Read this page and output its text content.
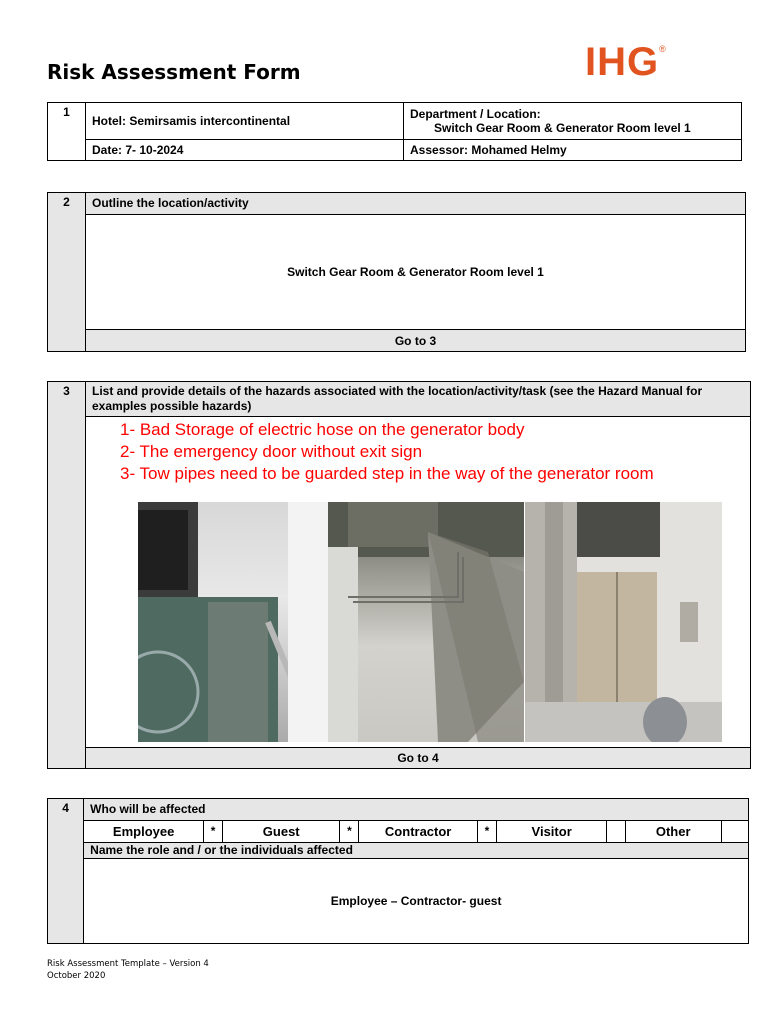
Risk Assessment Form	IHG®
1	Hotel: Semirsamis intercontinental	Department / Location:
Switch Gear Room & Generator Room level 1

	Date: 7- 10-2024	Assessor: Mohamed Helmy
2	Outline the location/activity
Switch Gear Room & Generator Room level 1
Go to 3
3	List and provide details of the hazards associated with the location/activity/task (see the Hazard Manual for examples possible hazards)

1- Bad Storage of electric hose on the generator body
2- The emergency door without exit sign
3- Tow pipes need to be guarded step in the way of the generator room

Go to 4
4	Who will be affected									
	Employee	*	Guest	*	Contractor	*	Visitor		Other	
	Name the role and / or the individuals affected									
	Employee – Contractor- guest									
Risk Assessment Template – Version 4
October 2020
